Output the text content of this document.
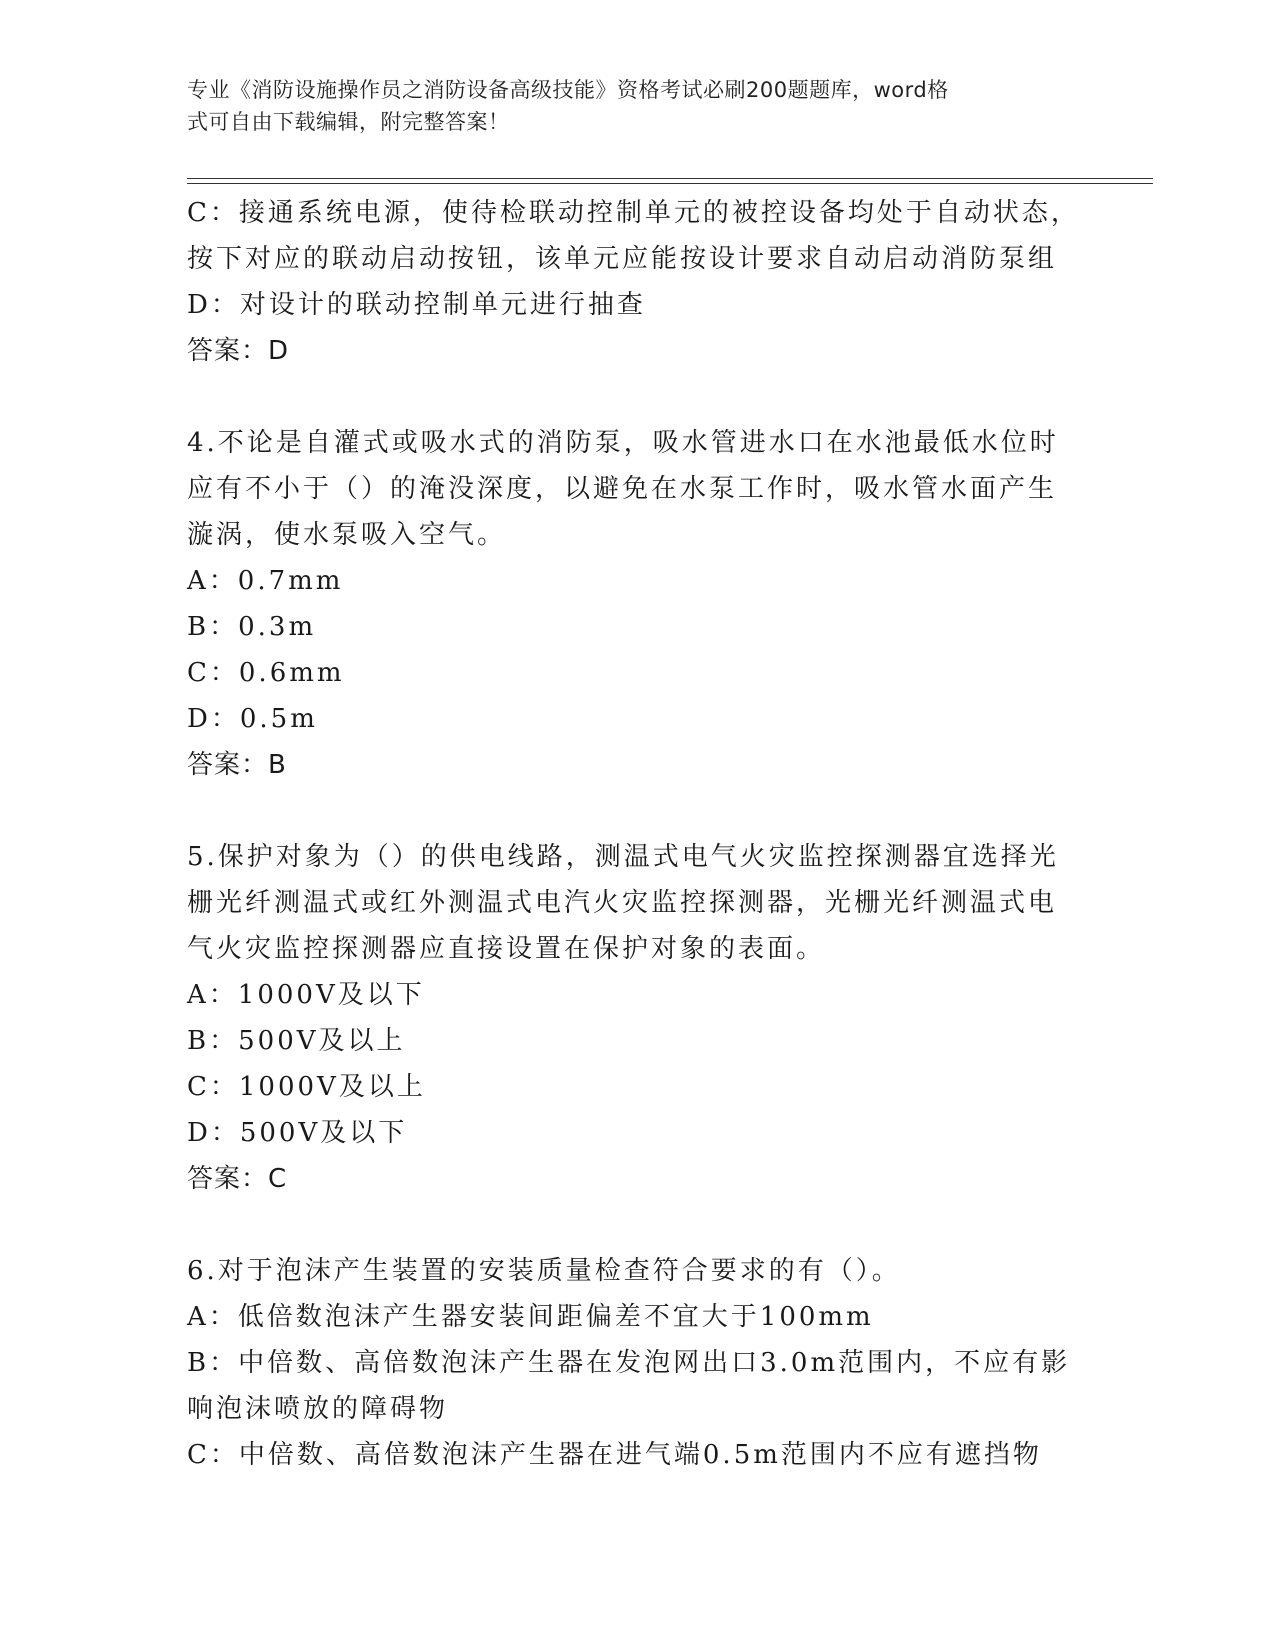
专业《消防设施操作员之消防设备高级技能》资格考试必刷200题题库，word格
式可自由下载编辑，附完整答案！
C：接通系统电源，使待检联动控制单元的被控设备均处于自动状态，
按下对应的联动启动按钮，该单元应能按设计要求自动启动消防泵组
D：对设计的联动控制单元进行抽查
答案：D
4.不论是自灌式或吸水式的消防泵，吸水管进水口在水池最低水位时
应有不小于（）的淹没深度，以避免在水泵工作时，吸水管水面产生
漩涡，使水泵吸入空气。
A：0.7mm
B：0.3m
C：0.6mm
D：0.5m
答案：B
5.保护对象为（）的供电线路，测温式电气火灾监控探测器宜选择光
栅光纤测温式或红外测温式电汽火灾监控探测器，光栅光纤测温式电
气火灾监控探测器应直接设置在保护对象的表面。
A：1000V及以下
B：500V及以上
C：1000V及以上
D：500V及以下
答案：C
6.对于泡沫产生装置的安装质量检查符合要求的有（）。
A：低倍数泡沫产生器安装间距偏差不宜大于100mm
B：中倍数、高倍数泡沫产生器在发泡网出口3.0m范围内，不应有影
响泡沫喷放的障碍物
C：中倍数、高倍数泡沫产生器在进气端0.5m范围内不应有遮挡物
